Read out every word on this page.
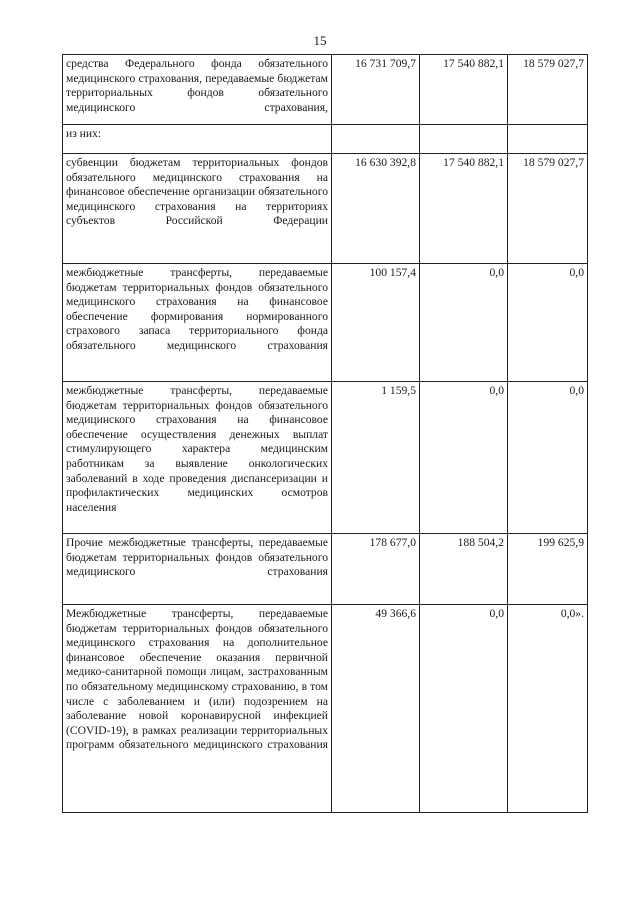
15
средства Федерального фонда обязательного медицинского страхования, передаваемые бюджетам территориальных фондов обязательного медицинского страхования,	16 731 709,7	17 540 882,1	18 579 027,7
из них:			
субвенции бюджетам территориальных фондов обязательного медицинского страхования на финансовое обеспечение организации обязательного медицинского страхования на территориях субъектов Российской Федерации	16 630 392,8	17 540 882,1	18 579 027,7
межбюджетные трансферты, передаваемые бюджетам территориальных фондов обязательного медицинского страхования на финансовое обеспечение формирования нормированного страхового запаса территориального фонда обязательного медицинского страхования	100 157,4	0,0	0,0
межбюджетные трансферты, передаваемые бюджетам территориальных фондов обязательного медицинского страхования на финансовое обеспечение осуществления денежных выплат стимулирующего характера медицинским работникам за выявление онкологических заболеваний в ходе проведения диспансеризации и профилактических медицинских осмотров населения	1 159,5	0,0	0,0
Прочие межбюджетные трансферты, передаваемые бюджетам территориальных фондов обязательного медицинского страхования	178 677,0	188 504,2	199 625,9
Межбюджетные трансферты, передаваемые бюджетам территориальных фондов обязательного медицинского страхования на дополнительное финансовое обеспечение оказания первичной медико-санитарной помощи лицам, застрахованным по обязательному медицинскому страхованию, в том числе с заболеванием и (или) подозрением на заболевание новой коронавирусной инфекцией (COVID-19), в рамках реализации территориальных программ обязательного медицинского страхования	49 366,6	0,0	0,0».
